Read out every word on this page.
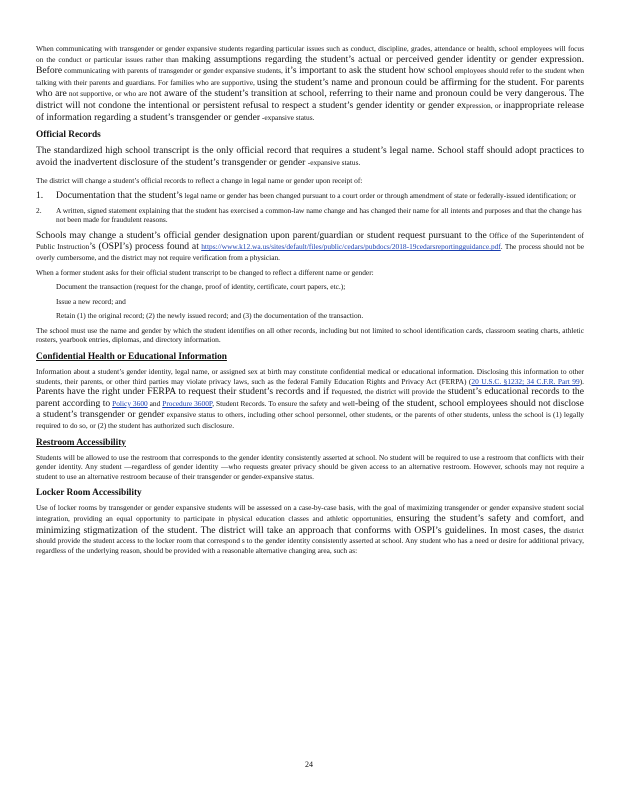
When communicating with transgender or gender expansive students regarding particular issues such as conduct, discipline, grades, attendance or health, school employees will focus on the conduct or particular issues rather than making assumptions regarding the student’s actual or perceived gender identity or gender expression. Before communicating with parents of transgender or gender expansive students, it’s important to ask the student how school employees should refer to the student when talking with their parents and guardians. For families who are supportive, using the student’s name and pronoun could be affirming for the student. For parents who are not supportive, or who are not aware of the student’s transition at school, referring to their name and pronoun could be very dangerous. The district will not condone the intentional or persistent refusal to respect a student’s gender identity or gender expression, or inappropriate release of information regarding a student’s transgender or gender -expansive status.

Official Records

The standardized high school transcript is the only official record that requires a student’s legal name. School staff should adopt practices to avoid the inadvertent disclosure of the student’s transgender or gender -expansive status.

The district will change a student’s official records to reflect a change in legal name or gender upon receipt of:

1.	Documentation that the student’s legal name or gender has been changed pursuant to a court order or through amendment of state or federally-issued identification; or
2.	A written, signed statement explaining that the student has exercised a common-law name change and has changed their name for all intents and purposes and that the change has not been made for fraudulent reasons.

Schools may change a student’s official gender designation upon parent/guardian or student request pursuant to the Office of the Superintendent of Public Instruction’s (OSPI’s) process found at https://www.k12.wa.us/sites/default/files/public/cedars/pubdocs/2018-19cedarsreportingguidance.pdf. The process should not be overly cumbersome, and the district may not require verification from a physician.

When a former student asks for their official student transcript to be changed to reflect a different name or gender:

Document the transaction (request for the change, proof of identity, certificate, court papers, etc.);
Issue a new record; and
Retain (1) the original record; (2) the newly issued record; and (3) the documentation of the transaction.

The school must use the name and gender by which the student identifies on all other records, including but not limited to school identification cards, classroom seating charts, athletic rosters, yearbook entries, diplomas, and directory information.

Confidential Health or Educational Information

Information about a student’s gender identity, legal name, or assigned sex at birth may constitute confidential medical or educational information. Disclosing this information to other students, their parents, or other third parties may violate privacy laws, such as the federal Family Education Rights and Privacy Act (FERPA) (20 U.S.C. §1232; 34 C.F.R. Part 99). Parents have the right under FERPA to request their student’s records and if requested, the district will provide the student’s educational records to the parent according to Policy 3600 and Procedure 3600P, Student Records. To ensure the safety and well-being of the student, school employees should not disclose a student’s transgender or gender expansive status to others, including other school personnel, other students, or the parents of other students, unless the school is (1) legally required to do so, or (2) the student has authorized such disclosure.

Restroom Accessibility

Students will be allowed to use the restroom that corresponds to the gender identity consistently asserted at school. No student will be required to use a restroom that conflicts with their gender identity. Any student —regardless of gender identity —who requests greater privacy should be given access to an alternative restroom. However, schools may not require a student to use an alternative restroom because of their transgender or gender-expansive status.

Locker Room Accessibility

Use of locker rooms by transgender or gender expansive students will be assessed on a case-by-case basis, with the goal of maximizing transgender or gender expansive student social integration, providing an equal opportunity to participate in physical education classes and athletic opportunities, ensuring the student’s safety and comfort, and minimizing stigmatization of the student. The district will take an approach that conforms with OSPI’s guidelines. In most cases, the district should provide the student access to the locker room that correspond s to the gender identity consistently asserted at school. Any student who has a need or desire for additional privacy, regardless of the underlying reason, should be provided with a reasonable alternative changing area, such as:

24
